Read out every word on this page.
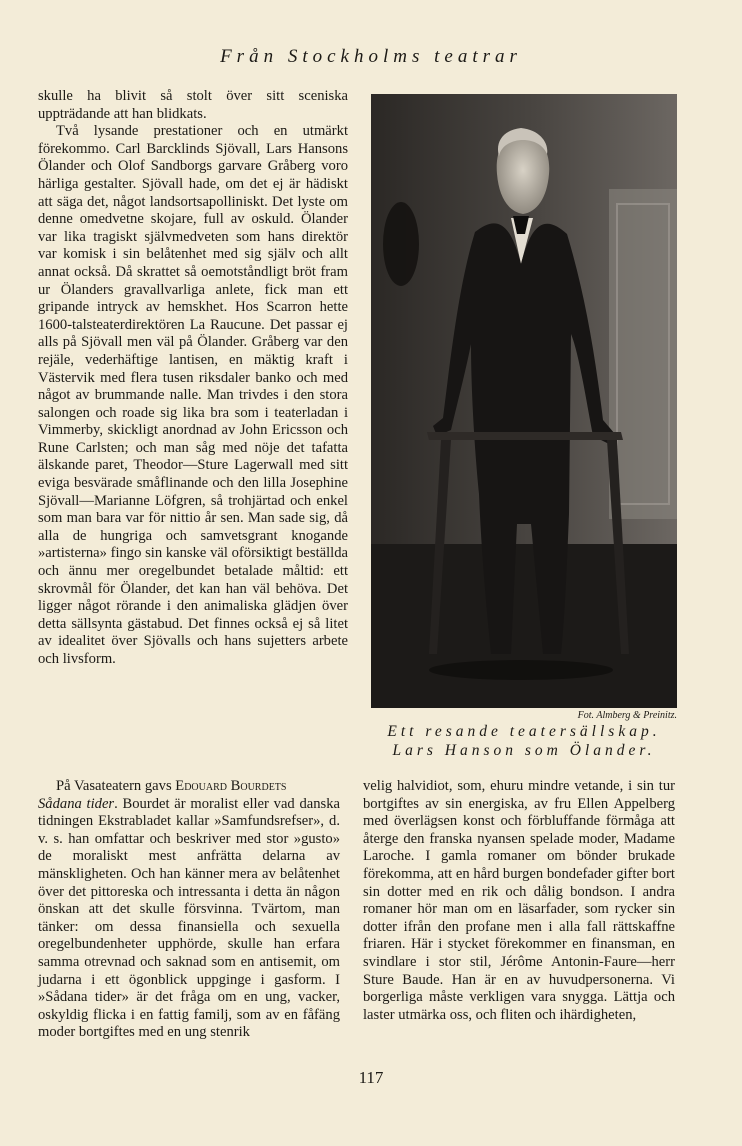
Från Stockholms teatrar

skulle ha blivit så stolt över sitt sceniska uppträdande att han blidkats.

Två lysande prestationer och en utmärkt förekommo. Carl Barcklinds Sjövall, Lars Hansons Ölander och Olof Sandborgs garvare Gråberg voro härliga gestalter. Sjövall hade, om det ej är hädiskt att säga det, något landsortsapolliniskt. Det lyste om denne omedvetne skojare, full av oskuld. Ölander var lika tragiskt självmedveten som hans direktör var komisk i sin belåtenhet med sig själv och allt annat också. Då skrattet så oemotståndligt bröt fram ur Ölanders gravallvarliga anlete, fick man ett gripande intryck av hemskhet. Hos Scarron hette 1600-talsteaterdirektören La Raucune. Det passar ej alls på Sjövall men väl på Ölander. Gråberg var den rejäle, vederhäftige lantisen, en mäktig kraft i Västervik med flera tusen riksdaler banko och med något av brummande nalle. Man trivdes i den stora salongen och roade sig lika bra som i teaterladan i Vimmerby, skickligt anordnad av John Ericsson och Rune Carlsten; och man såg med nöje det tafatta älskande paret, Theodor—Sture Lagerwall med sitt eviga besvärade småflinande och den lilla Josephine Sjövall—Marianne Löfgren, så trohjärtad och enkel som man bara var för nittio år sen. Man sade sig, då alla de hungriga och samvetsgrant knogande »artisterna» fingo sin kanske väl oförsiktigt beställda och ännu mer oregelbundet betalade måltid: ett skrovmål för Ölander, det kan han väl behöva. Det ligger något rörande i den animaliska glädjen över detta sällsynta gästabud. Det finnes också ej så litet av idealitet över Sjövalls och hans sujetters arbete och livsform.

Fot. Almberg & Preinitz.
Ett resande teatersällskap.
Lars Hanson som Ölander.

På Vasateatern gavs Edouard Bourdets
Sådana tider. Bourdet är moralist eller vad danska tidningen Ekstrabladet kallar »Samfundsrefser», d. v. s. han omfattar och beskriver med stor »gusto» de moraliskt mest anfrätta delarna av mänskligheten. Och han känner mera av belåtenhet över det pittoreska och intressanta i detta än någon önskan att det skulle försvinna. Tvärtom, man tänker: om dessa finansiella och sexuella oregelbundenheter upphörde, skulle han erfara samma otrevnad och saknad som en antisemit, om judarna i ett ögonblick uppginge i gasform. I »Sådana tider» är det fråga om en ung, vacker, oskyldig flicka i en fattig familj, som av en fåfäng moder bortgiftes med en ung stenrik

velig halvidiot, som, ehuru mindre vetande, i sin tur bortgiftes av sin energiska, av fru Ellen Appelberg med överlägsen konst och förbluffande förmåga att återge den franska nyansen spelade moder, Madame Laroche. I gamla romaner om bönder brukade förekomma, att en hård burgen bondefader gifter bort sin dotter med en rik och dålig bondson. I andra romaner hör man om en läsarfader, som rycker sin dotter ifrån den profane men i alla fall rättskaffne friaren. Här i stycket förekommer en finansman, en svindlare i stor stil, Jérôme Antonin-Faure—herr Sture Baude. Han är en av huvudpersonerna. Vi borgerliga måste verkligen vara snygga. Lättja och laster utmärka oss, och fliten och ihärdigheten,

117
